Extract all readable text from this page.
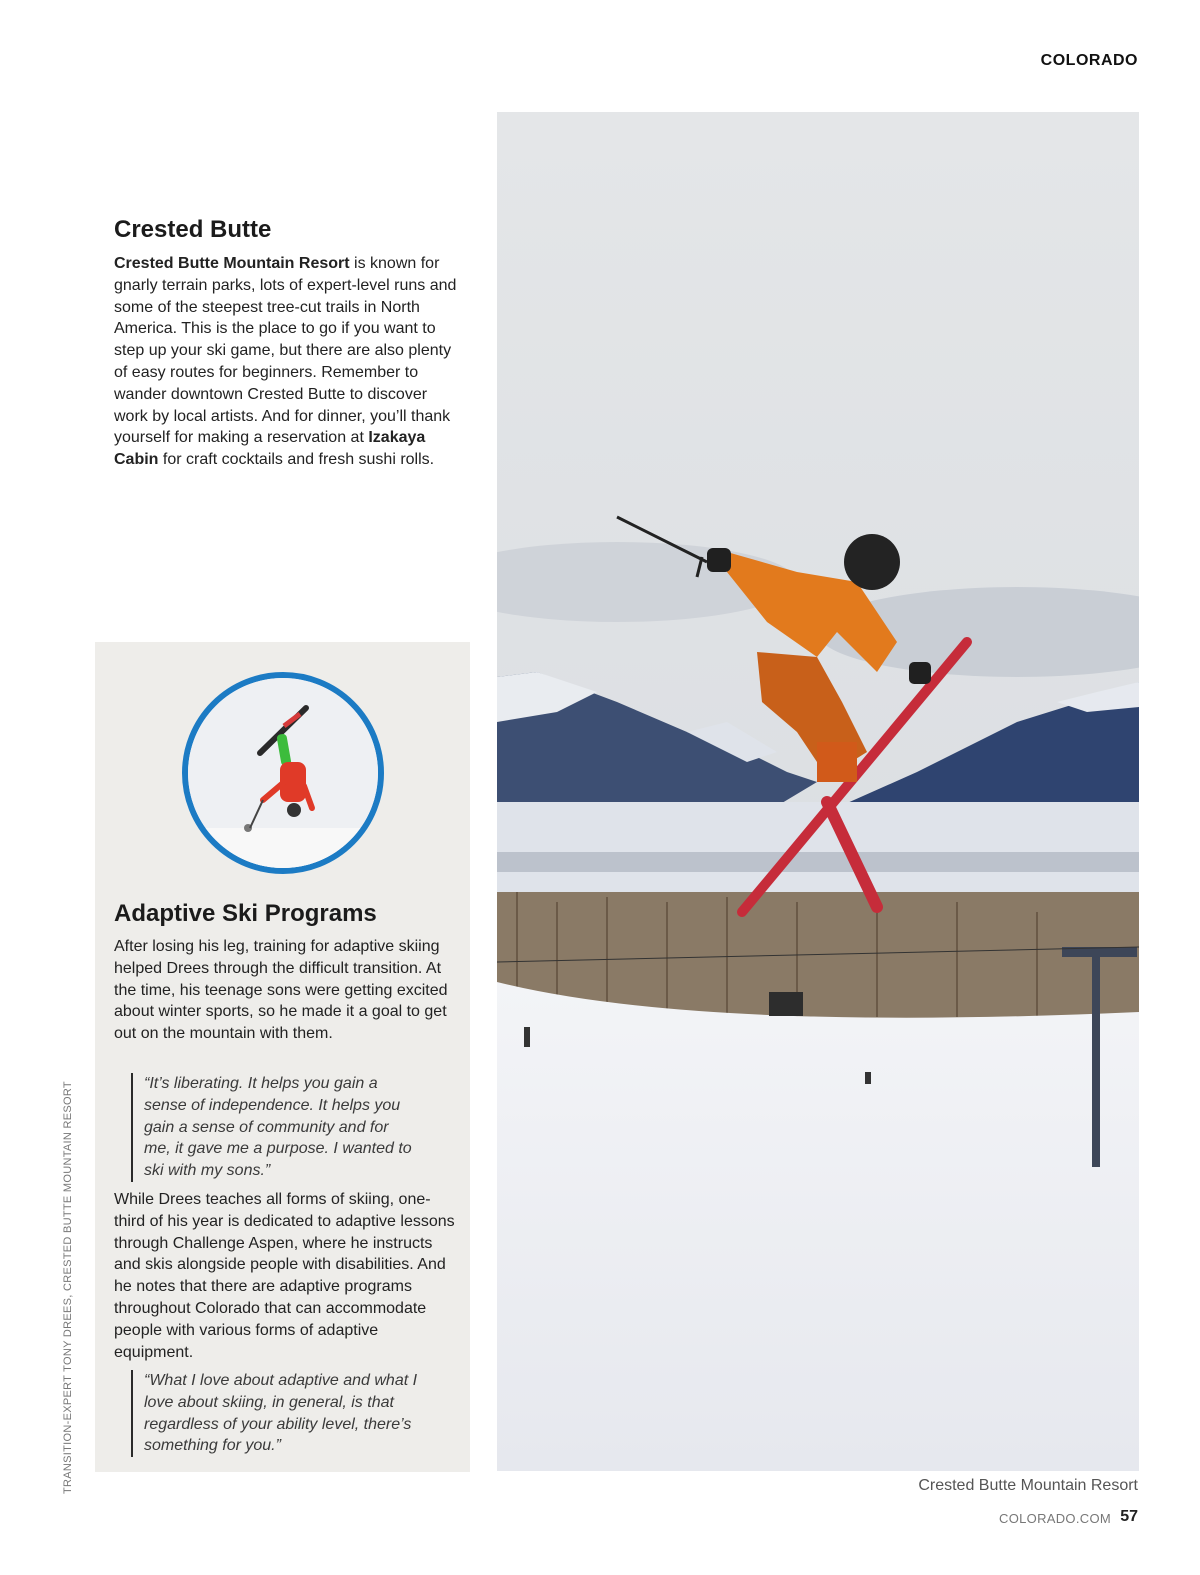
COLORADO
Crested Butte

Crested Butte Mountain Resort is known for gnarly terrain parks, lots of expert-level runs and some of the steepest tree-cut trails in North America. This is the place to go if you want to step up your ski game, but there are also plenty of easy routes for beginners. Remember to wander downtown Crested Butte to discover work by local artists. And for dinner, you’ll thank yourself for making a reservation at Izakaya Cabin for craft cocktails and fresh sushi rolls.

Adaptive Ski Programs

After losing his leg, training for adaptive skiing helped Drees through the difficult transition. At the time, his teenage sons were getting excited about winter sports, so he made it a goal to get out on the mountain with them.

“It’s liberating. It helps you gain a sense of independence. It helps you gain a sense of community and for me, it gave me a purpose. I wanted to ski with my sons.”

While Drees teaches all forms of skiing, one-third of his year is dedicated to adaptive lessons through Challenge Aspen, where he instructs and skis alongside people with disabilities. And he notes that there are adaptive programs throughout Colorado that can accommodate people with various forms of adaptive equipment.

“What I love about adaptive and what I love about skiing, in general, is that regardless of your ability level, there’s something for you.”
Crested Butte Mountain Resort
COLORADO.COM 57
TRANSITION-EXPERT TONY DREES, CRESTED BUTTE MOUNTAIN RESORT
